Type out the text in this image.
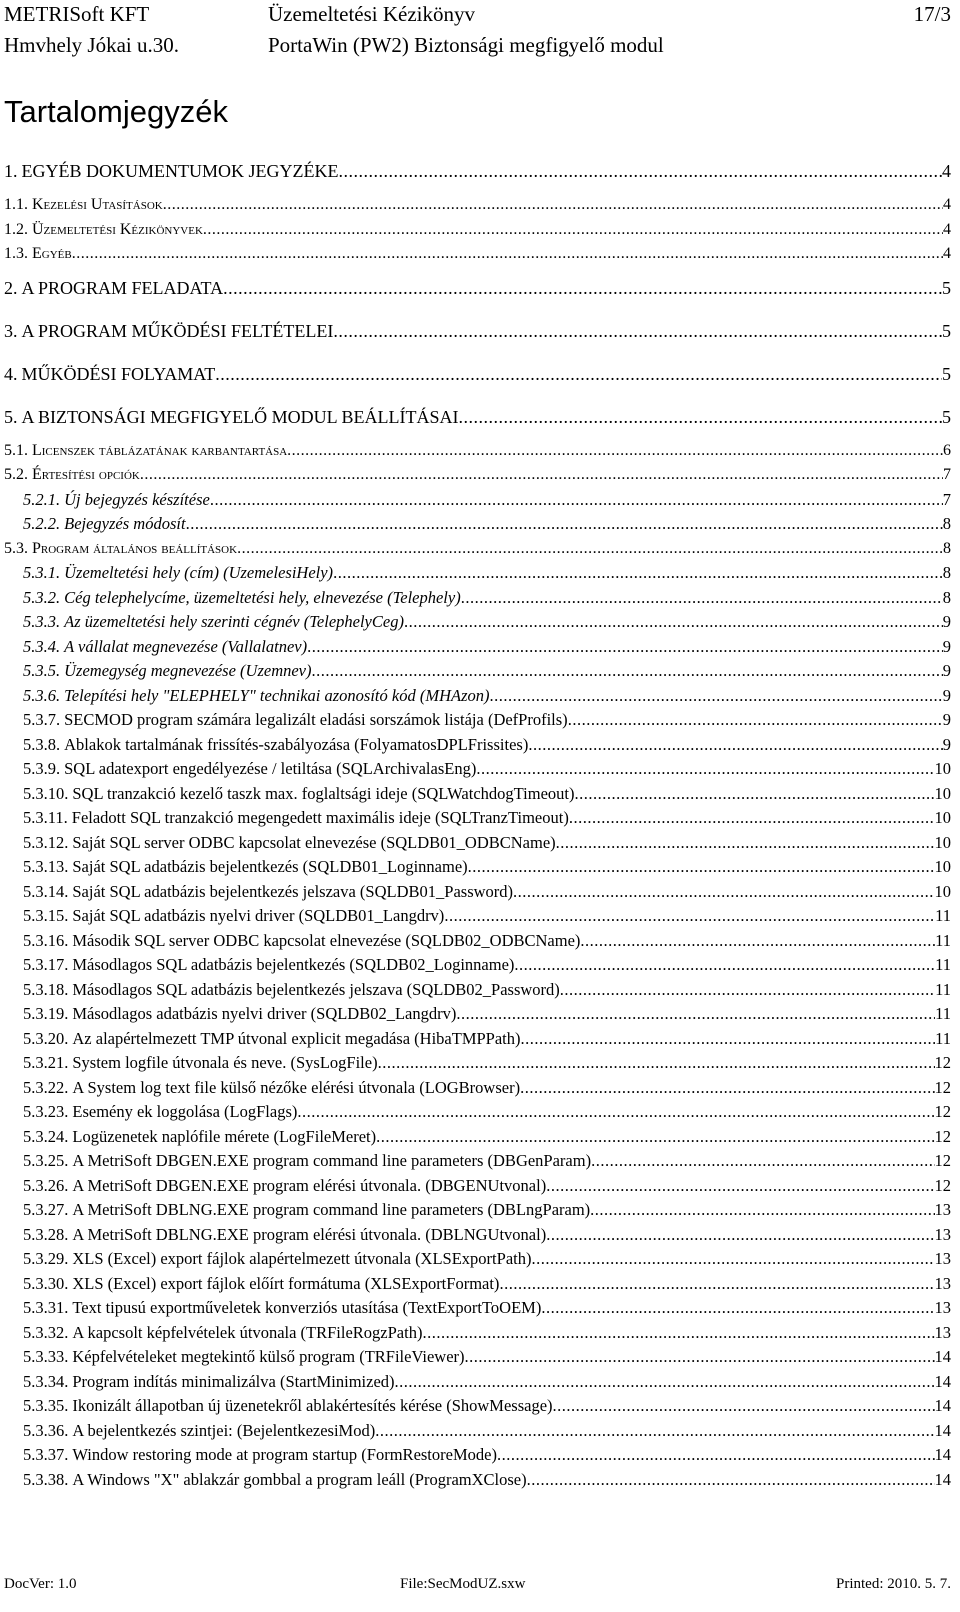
METRISoft KFT	Üzemeltetési Kézikönyv	17/3
Hmvhely Jókai u.30.	PortaWin (PW2) Biztonsági megfigyelő modul
Tartalomjegyzék
1. EGYÉB DOKUMENTUMOK JEGYZÉKE .....	4
1.1. Kezelési Utasítások .....	4
1.2. Üzemeltetési Kézikönyvek .....	4
1.3. Egyéb .....	4
2. A PROGRAM FELADATA .....	5
3. A PROGRAM MŰKÖDÉSI FELTÉTELEI .....	5
4. MŰKÖDÉSI FOLYAMAT .....	5
5. A BIZTONSÁGI MEGFIGYELŐ MODUL BEÁLLÍTÁSAI .....	5
5.1. Licenszek táblázatának karbantartása .....	6
5.2. Értesítési opciók .....	7
5.2.1. Új bejegyzés készítése .....	7
5.2.2. Bejegyzés módosít .....	8
5.3. Program általános beállítások .....	8
5.3.1. Üzemeltetési hely (cím) (UzemelesiHely) .....	8
5.3.2. Cég telephelycíme, üzemeltetési hely, elnevezése (Telephely) .....	8
5.3.3. Az üzemeltetési hely szerinti cégnév (TelephelyCeg) .....	9
5.3.4. A vállalat megnevezése (Vallalatnev) .....	9
5.3.5. Üzemegység megnevezése (Uzemnev) .....	9
5.3.6. Telepítési hely "ELEPHELY" technikai azonosító kód (MHAzon) .....	9
5.3.7. SECMOD program számára legalizált eladási sorszámok listája (DefProfils) .....	9
5.3.8. Ablakok tartalmának frissítés-szabályozása (FolyamatosDPLFrissites) .....	9
5.3.9. SQL adatexport engedélyezése / letiltása (SQLArchivalasEng) .....	10
5.3.10. SQL tranzakció kezelő taszk max. foglaltsági ideje (SQLWatchdogTimeout) .....	10
5.3.11. Feladott SQL tranzakció megengedett maximális ideje (SQLTranzTimeout) .....	10
5.3.12. Saját SQL server ODBC kapcsolat elnevezése (SQLDB01_ODBCName) .....	10
5.3.13. Saját SQL adatbázis bejelentkezés (SQLDB01_Loginname) .....	10
5.3.14. Saját SQL adatbázis bejelentkezés jelszava (SQLDB01_Password) .....	10
5.3.15. Saját SQL adatbázis nyelvi driver (SQLDB01_Langdrv) .....	11
5.3.16. Második SQL server ODBC kapcsolat elnevezése (SQLDB02_ODBCName) .....	11
5.3.17. Másodlagos SQL adatbázis bejelentkezés (SQLDB02_Loginname) .....	11
5.3.18. Másodlagos SQL adatbázis bejelentkezés jelszava (SQLDB02_Password) .....	11
5.3.19. Másodlagos adatbázis nyelvi driver (SQLDB02_Langdrv) .....	11
5.3.20. Az alapértelmezett TMP útvonal explicit megadása (HibaTMPPath) .....	11
5.3.21. System logfile útvonala és neve. (SysLogFile) .....	12
5.3.22. A System log text file külső nézőke elérési útvonala (LOGBrowser) .....	12
5.3.23. Esemény ek loggolása (LogFlags) .....	12
5.3.24. Logüzenetek naplófile mérete (LogFileMeret) .....	12
5.3.25. A MetriSoft DBGEN.EXE program command line parameters (DBGenParam) .....	12
5.3.26. A MetriSoft DBGEN.EXE program elérési útvonala. (DBGENUtvonal) .....	12
5.3.27. A MetriSoft DBLNG.EXE program command line parameters (DBLngParam) .....	13
5.3.28. A MetriSoft DBLNG.EXE program elérési útvonala. (DBLNGUtvonal) .....	13
5.3.29. XLS (Excel) export fájlok alapértelmezett útvonala (XLSExportPath) .....	13
5.3.30. XLS (Excel) export fájlok előírt formátuma (XLSExportFormat) .....	13
5.3.31. Text tipusú exportműveletek konverziós utasítása (TextExportToOEM) .....	13
5.3.32. A kapcsolt képfelvételek útvonala (TRFileRogzPath) .....	13
5.3.33. Képfelvételeket megtekintő külső program (TRFileViewer) .....	14
5.3.34. Program indítás minimalizálva (StartMinimized) .....	14
5.3.35. Ikonizált állapotban új üzenetekről ablakértesítés kérése (ShowMessage) .....	14
5.3.36. A bejelentkezés szintjei: (BejelentkezesiMod) .....	14
5.3.37. Window restoring mode at program startup (FormRestoreMode) .....	14
5.3.38. A Windows "X" ablakzár gombbal a program leáll (ProgramXClose) .....	14
DocVer: 1.0	File:SecModUZ.sxw	Printed: 2010. 5. 7.
